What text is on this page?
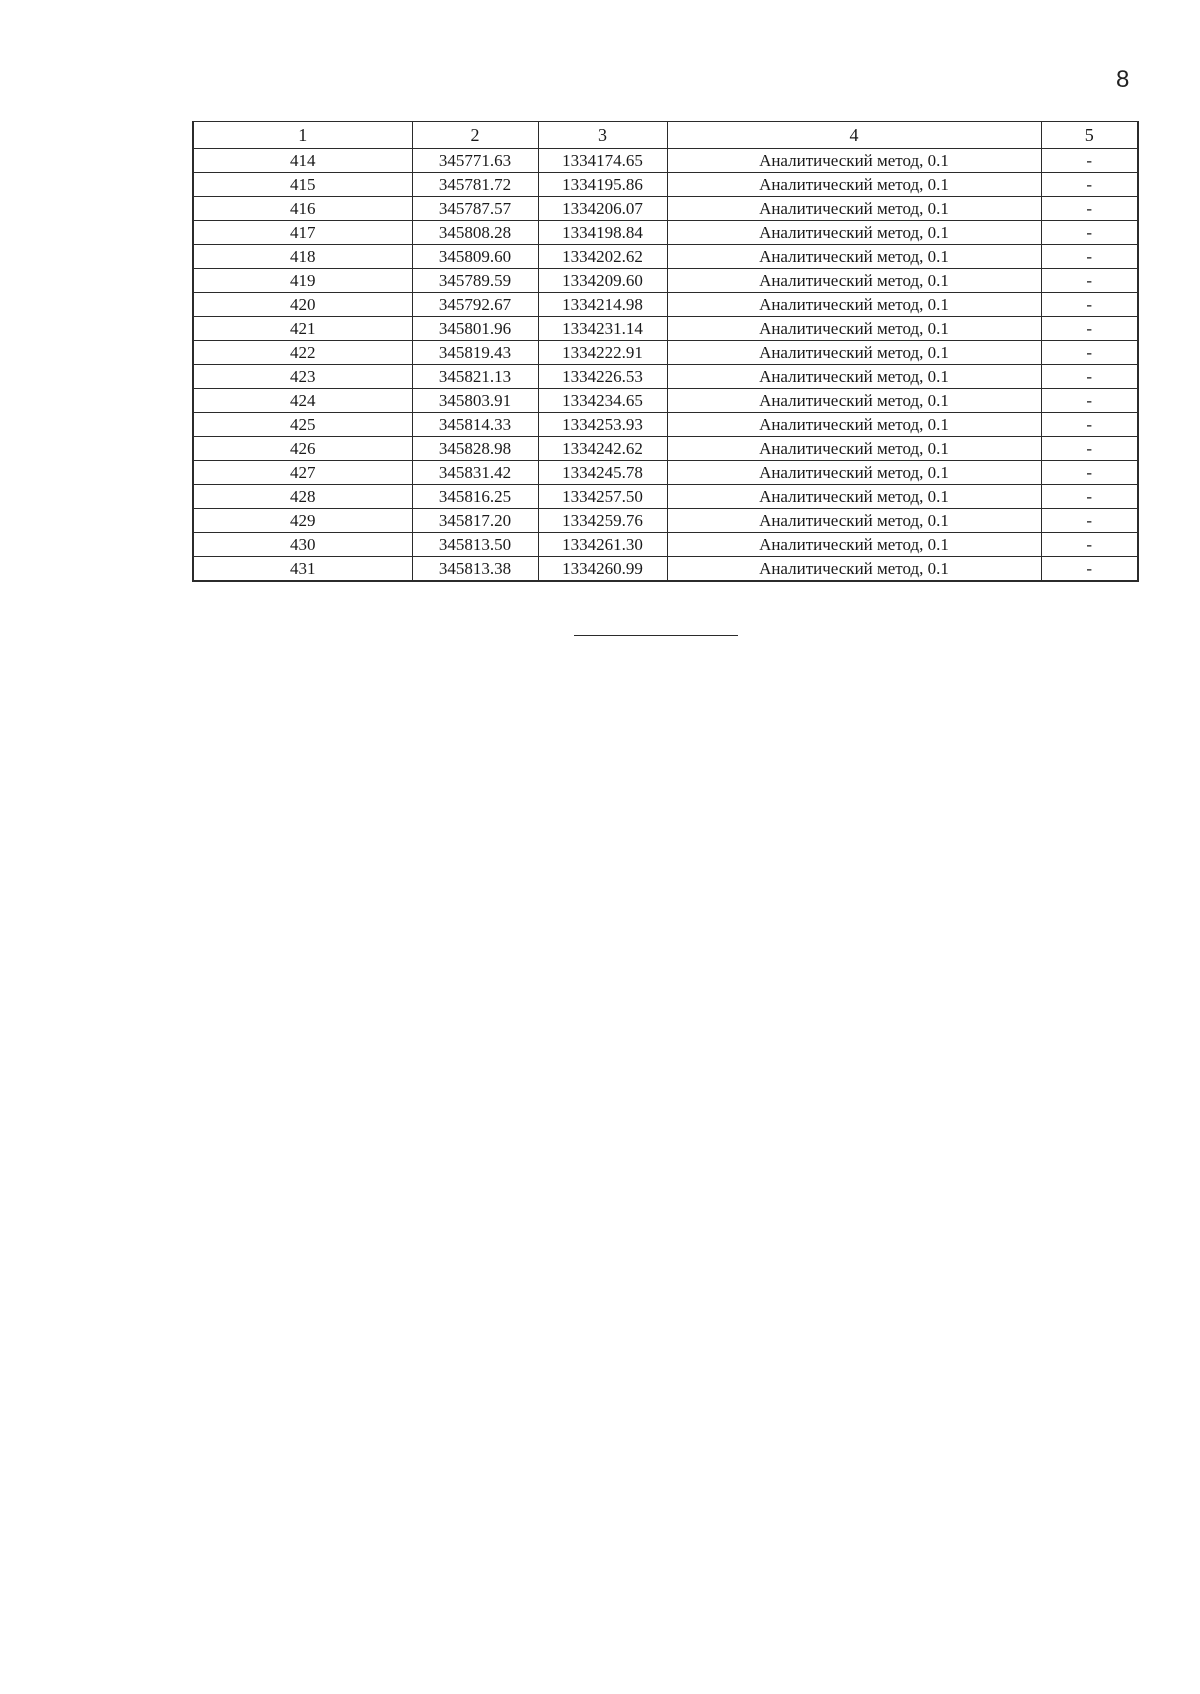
8
1	2	3	4	5
414	345771.63	1334174.65	Аналитический метод, 0.1	-
415	345781.72	1334195.86	Аналитический метод, 0.1	-
416	345787.57	1334206.07	Аналитический метод, 0.1	-
417	345808.28	1334198.84	Аналитический метод, 0.1	-
418	345809.60	1334202.62	Аналитический метод, 0.1	-
419	345789.59	1334209.60	Аналитический метод, 0.1	-
420	345792.67	1334214.98	Аналитический метод, 0.1	-
421	345801.96	1334231.14	Аналитический метод, 0.1	-
422	345819.43	1334222.91	Аналитический метод, 0.1	-
423	345821.13	1334226.53	Аналитический метод, 0.1	-
424	345803.91	1334234.65	Аналитический метод, 0.1	-
425	345814.33	1334253.93	Аналитический метод, 0.1	-
426	345828.98	1334242.62	Аналитический метод, 0.1	-
427	345831.42	1334245.78	Аналитический метод, 0.1	-
428	345816.25	1334257.50	Аналитический метод, 0.1	-
429	345817.20	1334259.76	Аналитический метод, 0.1	-
430	345813.50	1334261.30	Аналитический метод, 0.1	-
431	345813.38	1334260.99	Аналитический метод, 0.1	-
